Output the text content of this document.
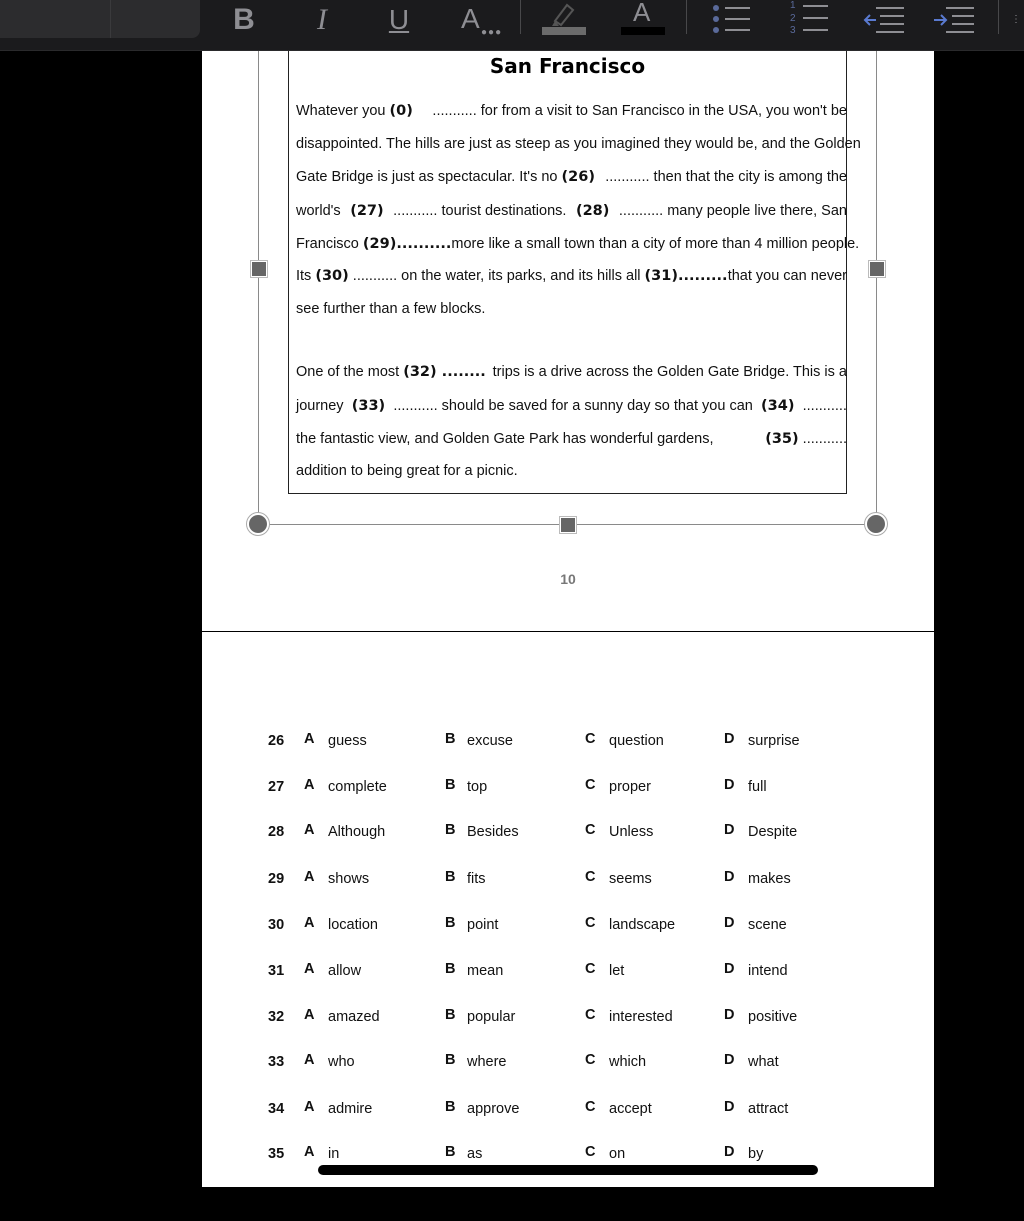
B I U A ●●●
A	1
2
3
⋮
San Francisco
Whatever you (0) ........... for from a visit to San Francisco in the USA, you won't be
disappointed. The hills are just as steep as you imagined they would be, and the Golden
Gate Bridge is just as spectacular. It's no (26) ........... then that the city is among the
world's (27) ........... tourist destinations. (28) ........... many people live there, San
Francisco (29).......... more like a small town than a city of more than 4 million people.
Its (30) ........... on the water, its parks, and its hills all (31)......... that you can never
see further than a few blocks.
One of the most (32) ........ trips is a drive across the Golden Gate Bridge. This is a
journey (33) ........... should be saved for a sunny day so that you can (34) ...........
the fantastic view, and Golden Gate Park has wonderful gardens,	(35) ...........
addition to being great for a picnic.
10
26 A guess	B excuse	C question	D surprise
27 A complete	B top	C proper	D full
28 A Although	B Besides	C Unless	D Despite
29 A shows	B fits	C seems	D makes
30 A location	B point	C landscape	D scene
31 A allow	B mean	C let	D intend
32 A amazed	B popular	C interested	D positive
33 A who	B where	C which	D what
34 A admire	B approve	C accept	D attract
35 A in	B as	C on	D by
